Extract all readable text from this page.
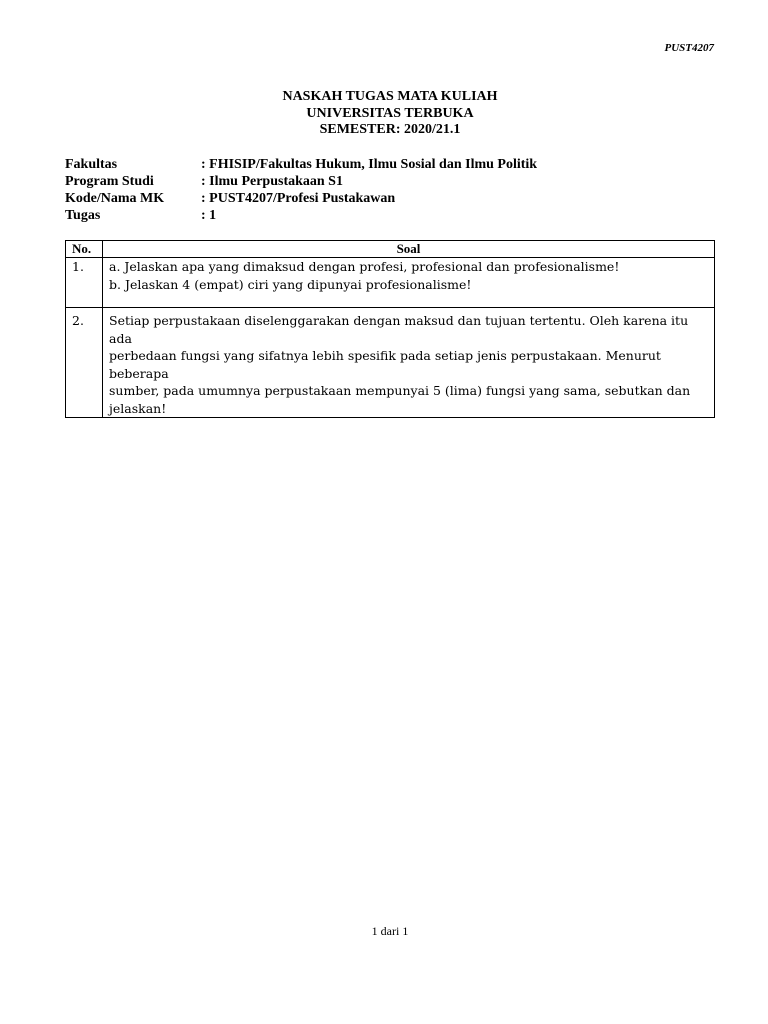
PUST4207
NASKAH TUGAS MATA KULIAH
UNIVERSITAS TERBUKA
SEMESTER: 2020/21.1
Fakultas	: FHISIP/Fakultas Hukum, Ilmu Sosial dan Ilmu Politik
Program Studi	: Ilmu Perpustakaan S1
Kode/Nama MK	: PUST4207/Profesi Pustakawan
Tugas	: 1
No.	Soal
1.	a. Jelaskan apa yang dimaksud dengan profesi, profesional dan profesionalisme!
b. Jelaskan 4 (empat) ciri yang dipunyai profesionalisme!

2.	Setiap perpustakaan diselenggarakan dengan maksud dan tujuan tertentu. Oleh karena itu ada
perbedaan fungsi yang sifatnya lebih spesifik pada setiap jenis perpustakaan. Menurut beberapa
sumber, pada umumnya perpustakaan mempunyai 5 (lima) fungsi yang sama, sebutkan dan
jelaskan!
1 dari 1
